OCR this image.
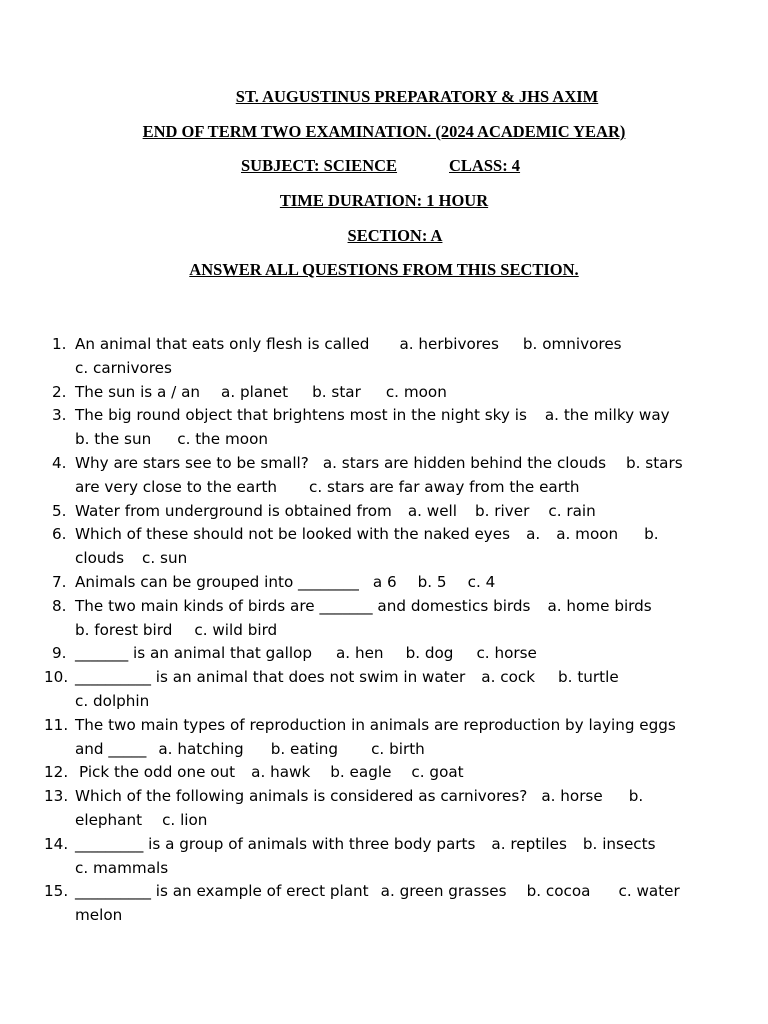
ST. AUGUSTINUS PREPARATORY & JHS AXIM
END OF TERM TWO EXAMINATION. (2024 ACADEMIC YEAR)
SUBJECT: SCIENCE	CLASS: 4
TIME DURATION: 1 HOUR
SECTION: A
ANSWER ALL QUESTIONS FROM THIS SECTION.
1. An animal that eats only flesh is called a. herbivores b. omnivores
c. carnivores
2. The sun is a / an a. planet b. star c. moon
3. The big round object that brightens most in the night sky is a. the milky way
b. the sun c. the moon
4. Why are stars see to be small? a. stars are hidden behind the clouds b. stars
are very close to the earth c. stars are far away from the earth
5. Water from underground is obtained from a. well b. river c. rain
6. Which of these should not be looked with the naked eyes a. a. moon b.
clouds c. sun
7. Animals can be grouped into ________ a 6 b. 5 c. 4
8. The two main kinds of birds are _______ and domestics birds a. home birds
b. forest bird c. wild bird
9. _______ is an animal that gallop a. hen b. dog c. horse
10. __________ is an animal that does not swim in water a. cock b. turtle
c. dolphin
11. The two main types of reproduction in animals are reproduction by laying eggs
and _____ a. hatching b. eating c. birth
12. Pick the odd one out a. hawk b. eagle c. goat
13. Which of the following animals is considered as carnivores? a. horse b.
elephant c. lion
14. _________ is a group of animals with three body parts a. reptiles b. insects
c. mammals
15. __________ is an example of erect plant a. green grasses b. cocoa c. water
melon
